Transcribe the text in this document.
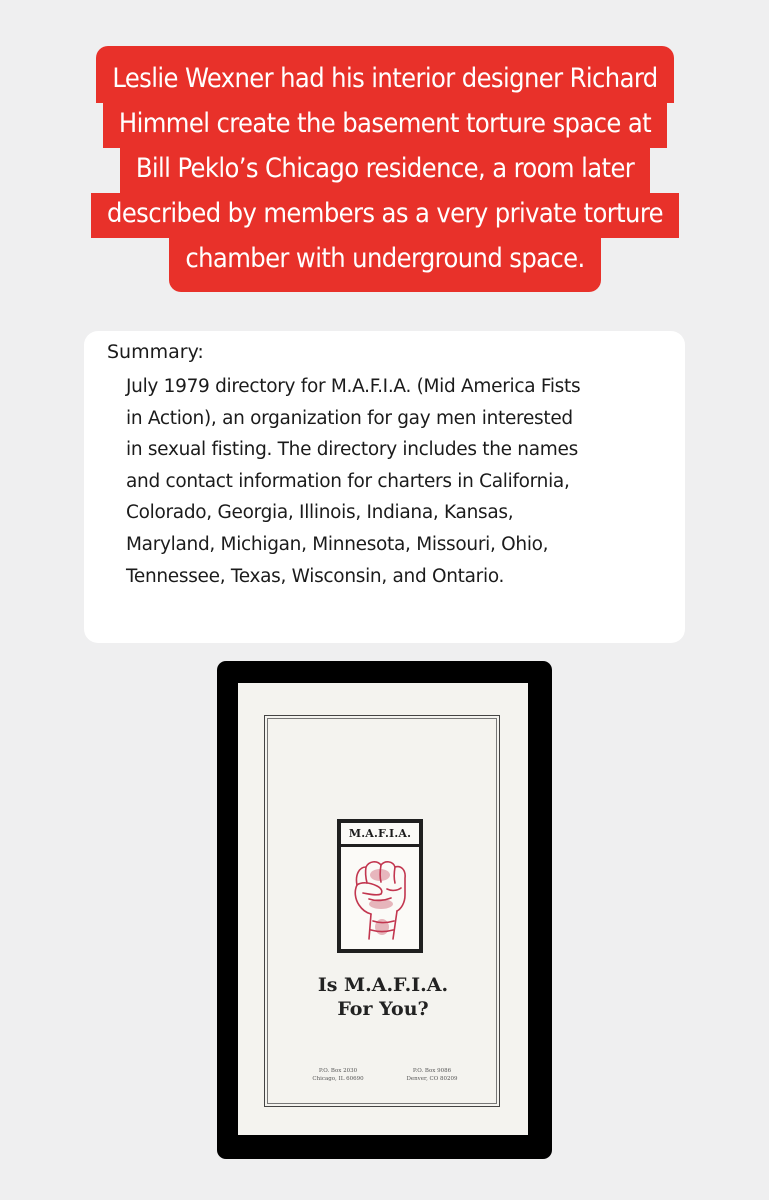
Leslie Wexner had his interior designer Richard
Himmel create the basement torture space at
Bill Peklo’s Chicago residence, a room later
described by members as a very private torture
chamber with underground space.
Summary:
July 1979 directory for M.A.F.I.A. (Mid America Fists
in Action), an organization for gay men interested
in sexual fisting. The directory includes the names
and contact information for charters in California,
Colorado, Georgia, Illinois, Indiana, Kansas,
Maryland, Michigan, Minnesota, Missouri, Ohio,
Tennessee, Texas, Wisconsin, and Ontario.
M.A.F.I.A.
Is M.A.F.I.A.
For You?
P.O. Box 2030
Chicago, IL 60690
P.O. Box 9086
Denver, CO 80209
